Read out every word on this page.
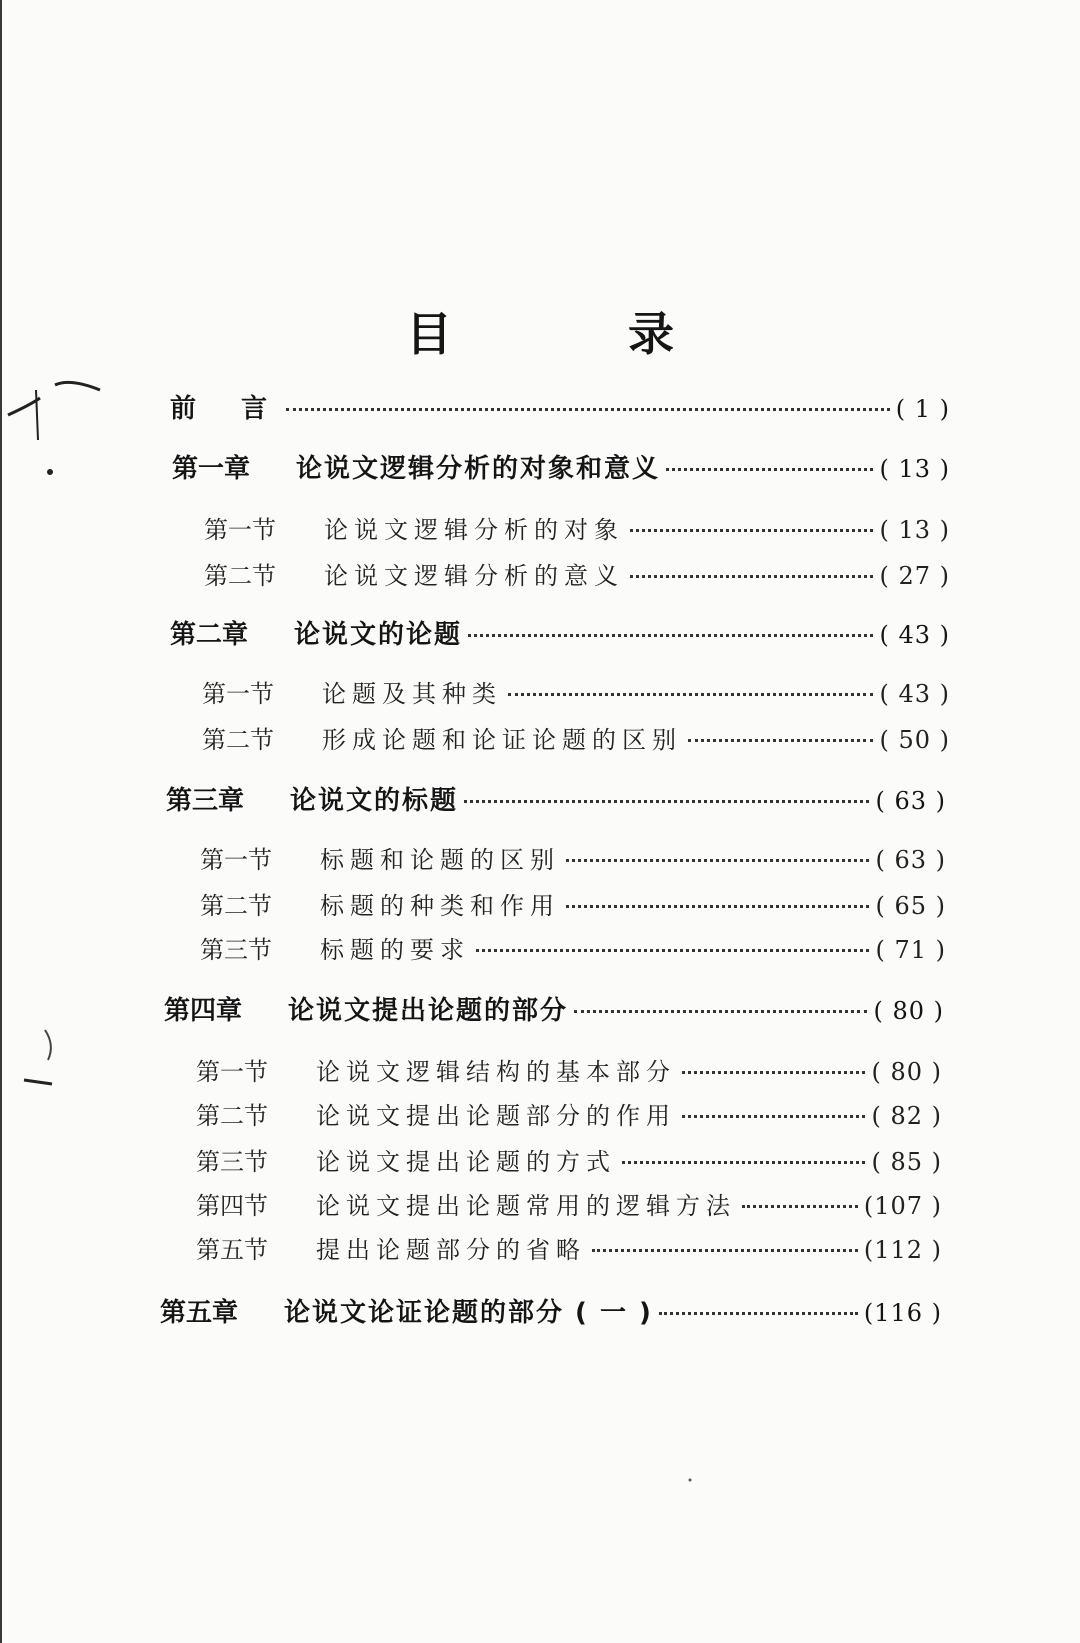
目 录
前 言	( 1 )
第一章	论说文逻辑分析的对象和意义	( 13 )
第一节	论说文逻辑分析的对象	( 13 )
第二节	论说文逻辑分析的意义	( 27 )
第二章	论说文的论题	( 43 )
第一节	论题及其种类	( 43 )
第二节	形成论题和论证论题的区别	( 50 )
第三章	论说文的标题	( 63 )
第一节	标题和论题的区别	( 63 )
第二节	标题的种类和作用	( 65 )
第三节	标题的要求	( 71 )
第四章	论说文提出论题的部分	( 80 )
第一节	论说文逻辑结构的基本部分	( 80 )
第二节	论说文提出论题部分的作用	( 82 )
第三节	论说文提出论题的方式	( 85 )
第四节	论说文提出论题常用的逻辑方法	(107 )
第五节	提出论题部分的省略	(112 )
第五章	论说文论证论题的部分 ( 一 )	(116 )
